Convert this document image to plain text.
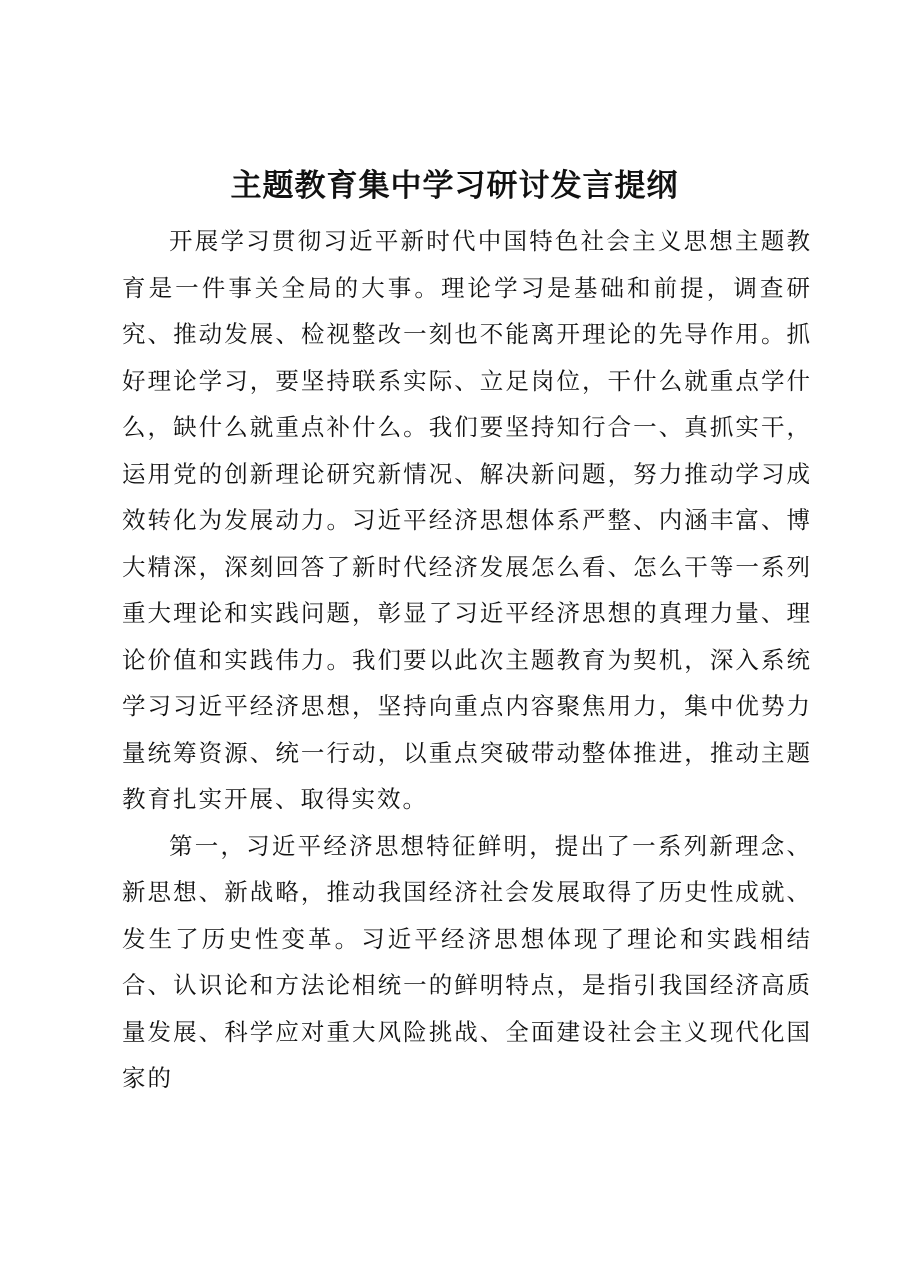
主题教育集中学习研讨发言提纲

开展学习贯彻习近平新时代中国特色社会主义思想主题教育是一件事关全局的大事。理论学习是基础和前提，调查研究、推动发展、检视整改一刻也不能离开理论的先导作用。抓好理论学习，要坚持联系实际、立足岗位，干什么就重点学什么，缺什么就重点补什么。我们要坚持知行合一、真抓实干，运用党的创新理论研究新情况、解决新问题，努力推动学习成效转化为发展动力。习近平经济思想体系严整、内涵丰富、博大精深，深刻回答了新时代经济发展怎么看、怎么干等一系列重大理论和实践问题，彰显了习近平经济思想的真理力量、理论价值和实践伟力。我们要以此次主题教育为契机，深入系统学习习近平经济思想，坚持向重点内容聚焦用力，集中优势力量统筹资源、统一行动，以重点突破带动整体推进，推动主题教育扎实开展、取得实效。

第一，习近平经济思想特征鲜明，提出了一系列新理念、新思想、新战略，推动我国经济社会发展取得了历史性成就、发生了历史性变革。习近平经济思想体现了理论和实践相结合、认识论和方法论相统一的鲜明特点，是指引我国经济高质量发展、科学应对重大风险挑战、全面建设社会主义现代化国家的
